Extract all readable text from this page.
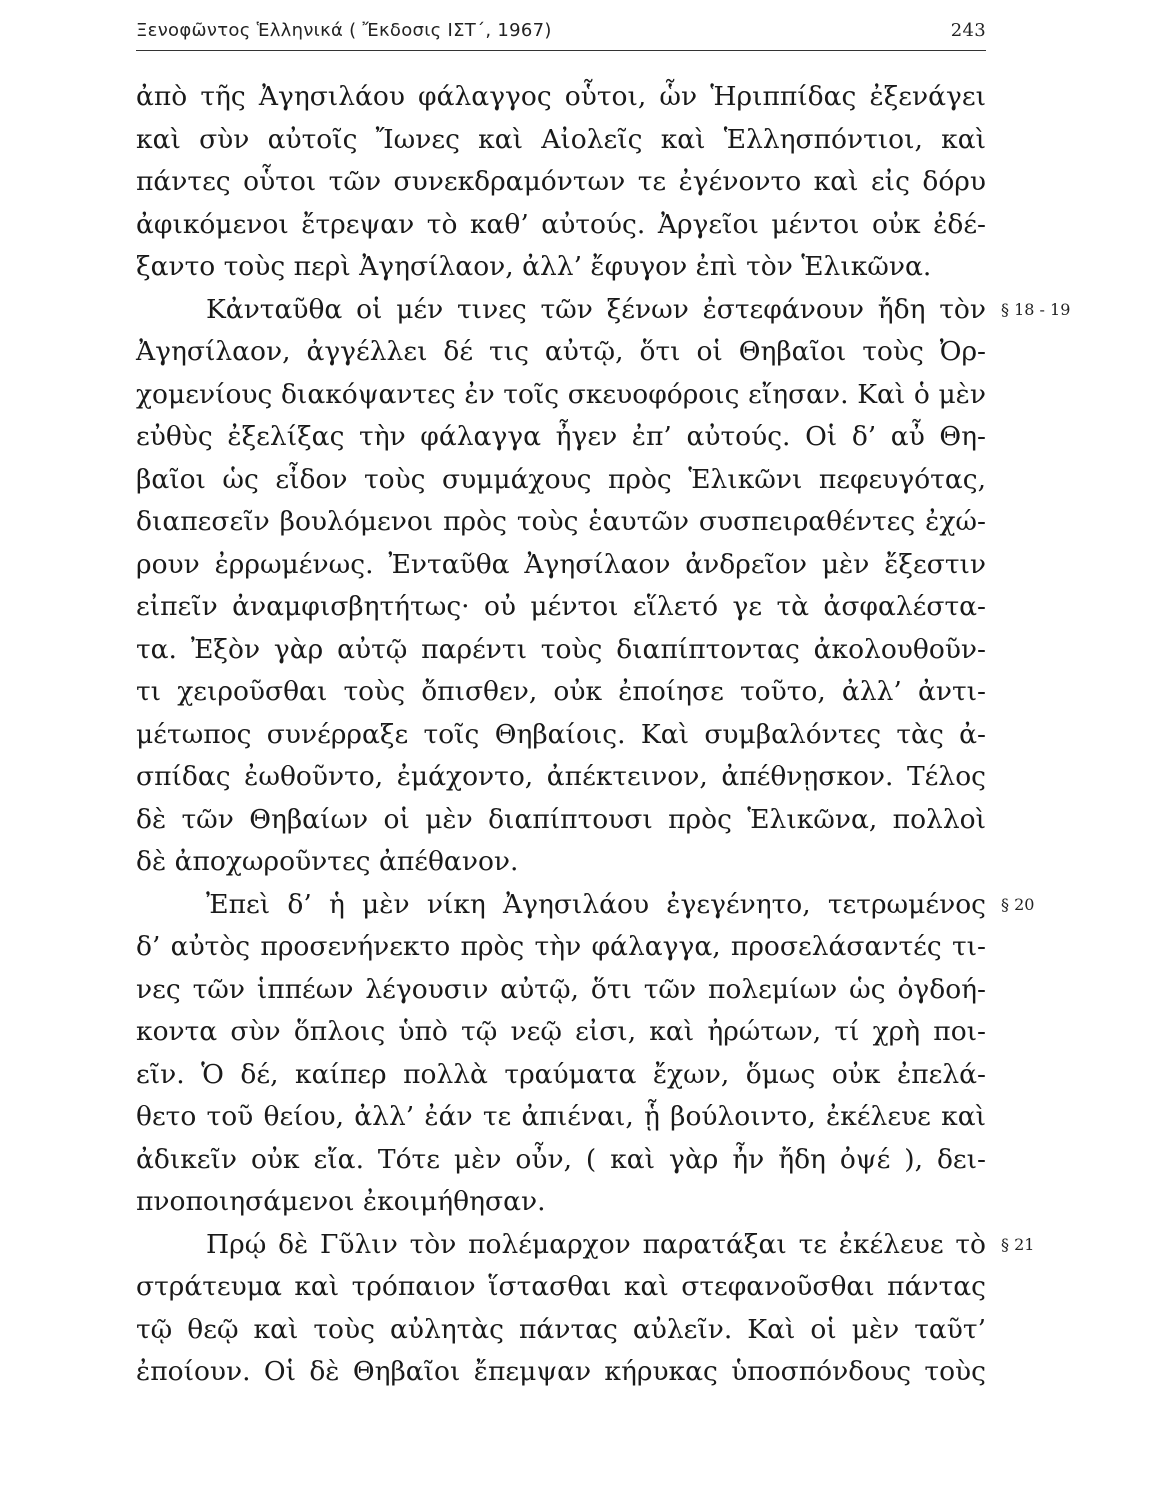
Ξενοφῶντος Ἑλληνικά ( Ἔκδοσις ΙΣΤ΄, 1967)	243
ἀπὸ τῆς Ἀγησιλάου φάλαγγος οὗτοι, ὧν Ἡριππίδας ἐξενάγει
καὶ σὺν αὐτοῖς Ἴωνες καὶ Αἰολεῖς καὶ Ἑλλησπόντιοι, καὶ
πάντες οὗτοι τῶν συνεκδραμόντων τε ἐγένοντο καὶ εἰς δόρυ
ἀφικόμενοι ἔτρεψαν τὸ καθ’ αὐτούς. Ἀργεῖοι μέντοι οὐκ ἐδέ-
ξαντο τοὺς περὶ Ἀγησίλαον, ἀλλ’ ἔφυγον ἐπὶ τὸν Ἑλικῶνα.
Κἀνταῦθα οἱ μέν τινες τῶν ξένων ἐστεφάνουν ἤδη τὸν § 18 - 19
Ἀγησίλαον, ἀγγέλλει δέ τις αὐτῷ, ὅτι οἱ Θηβαῖοι τοὺς Ὀρ-
χομενίους διακόψαντες ἐν τοῖς σκευοφόροις εἴησαν. Καὶ ὁ μὲν
εὐθὺς ἐξελίξας τὴν φάλαγγα ἦγεν ἐπ’ αὐτούς. Οἱ δ’ αὖ Θη-
βαῖοι ὡς εἶδον τοὺς συμμάχους πρὸς Ἑλικῶνι πεφευγότας,
διαπεσεῖν βουλόμενοι πρὸς τοὺς ἑαυτῶν συσπειραθέντες ἐχώ-
ρουν ἐρρωμένως. Ἐνταῦθα Ἀγησίλαον ἀνδρεῖον μὲν ἔξεστιν
εἰπεῖν ἀναμφισβητήτως· οὐ μέντοι εἵλετό γε τὰ ἀσφαλέστα-
τα. Ἐξὸν γὰρ αὐτῷ παρέντι τοὺς διαπίπτοντας ἀκολουθοῦν-
τι χειροῦσθαι τοὺς ὄπισθεν, οὐκ ἐποίησε τοῦτο, ἀλλ’ ἀντι-
μέτωπος συνέρραξε τοῖς Θηβαίοις. Καὶ συμβαλόντες τὰς ἀ-
σπίδας ἐωθοῦντο, ἐμάχοντο, ἀπέκτεινον, ἀπέθνῃσκον. Τέλος
δὲ τῶν Θηβαίων οἱ μὲν διαπίπτουσι πρὸς Ἑλικῶνα, πολλοὶ
δὲ ἀποχωροῦντες ἀπέθανον.
Ἐπεὶ δ’ ἡ μὲν νίκη Ἀγησιλάου ἐγεγένητο, τετρωμένος § 20
δ’ αὐτὸς προσενήνεκτο πρὸς τὴν φάλαγγα, προσελάσαντές τι-
νες τῶν ἱππέων λέγουσιν αὐτῷ, ὅτι τῶν πολεμίων ὡς ὀγδοή-
κοντα σὺν ὅπλοις ὑπὸ τῷ νεῷ εἰσι, καὶ ἠρώτων, τί χρὴ ποι-
εῖν. Ὁ δέ, καίπερ πολλὰ τραύματα ἔχων, ὅμως οὐκ ἐπελά-
θετο τοῦ θείου, ἀλλ’ ἐάν τε ἀπιέναι, ᾗ βούλοιντο, ἐκέλευε καὶ
ἀδικεῖν οὐκ εἴα. Τότε μὲν οὖν, ( καὶ γὰρ ἦν ἤδη ὀψέ ), δει-
πνοποιησάμενοι ἐκοιμήθησαν.
Πρῴ δὲ Γῦλιν τὸν πολέμαρχον παρατάξαι τε ἐκέλευε τὸ § 21
στράτευμα καὶ τρόπαιον ἵστασθαι καὶ στεφανοῦσθαι πάντας
τῷ θεῷ καὶ τοὺς αὐλητὰς πάντας αὐλεῖν. Καὶ οἱ μὲν ταῦτ’
ἐποίουν. Οἱ δὲ Θηβαῖοι ἔπεμψαν κήρυκας ὑποσπόνδους τοὺς
